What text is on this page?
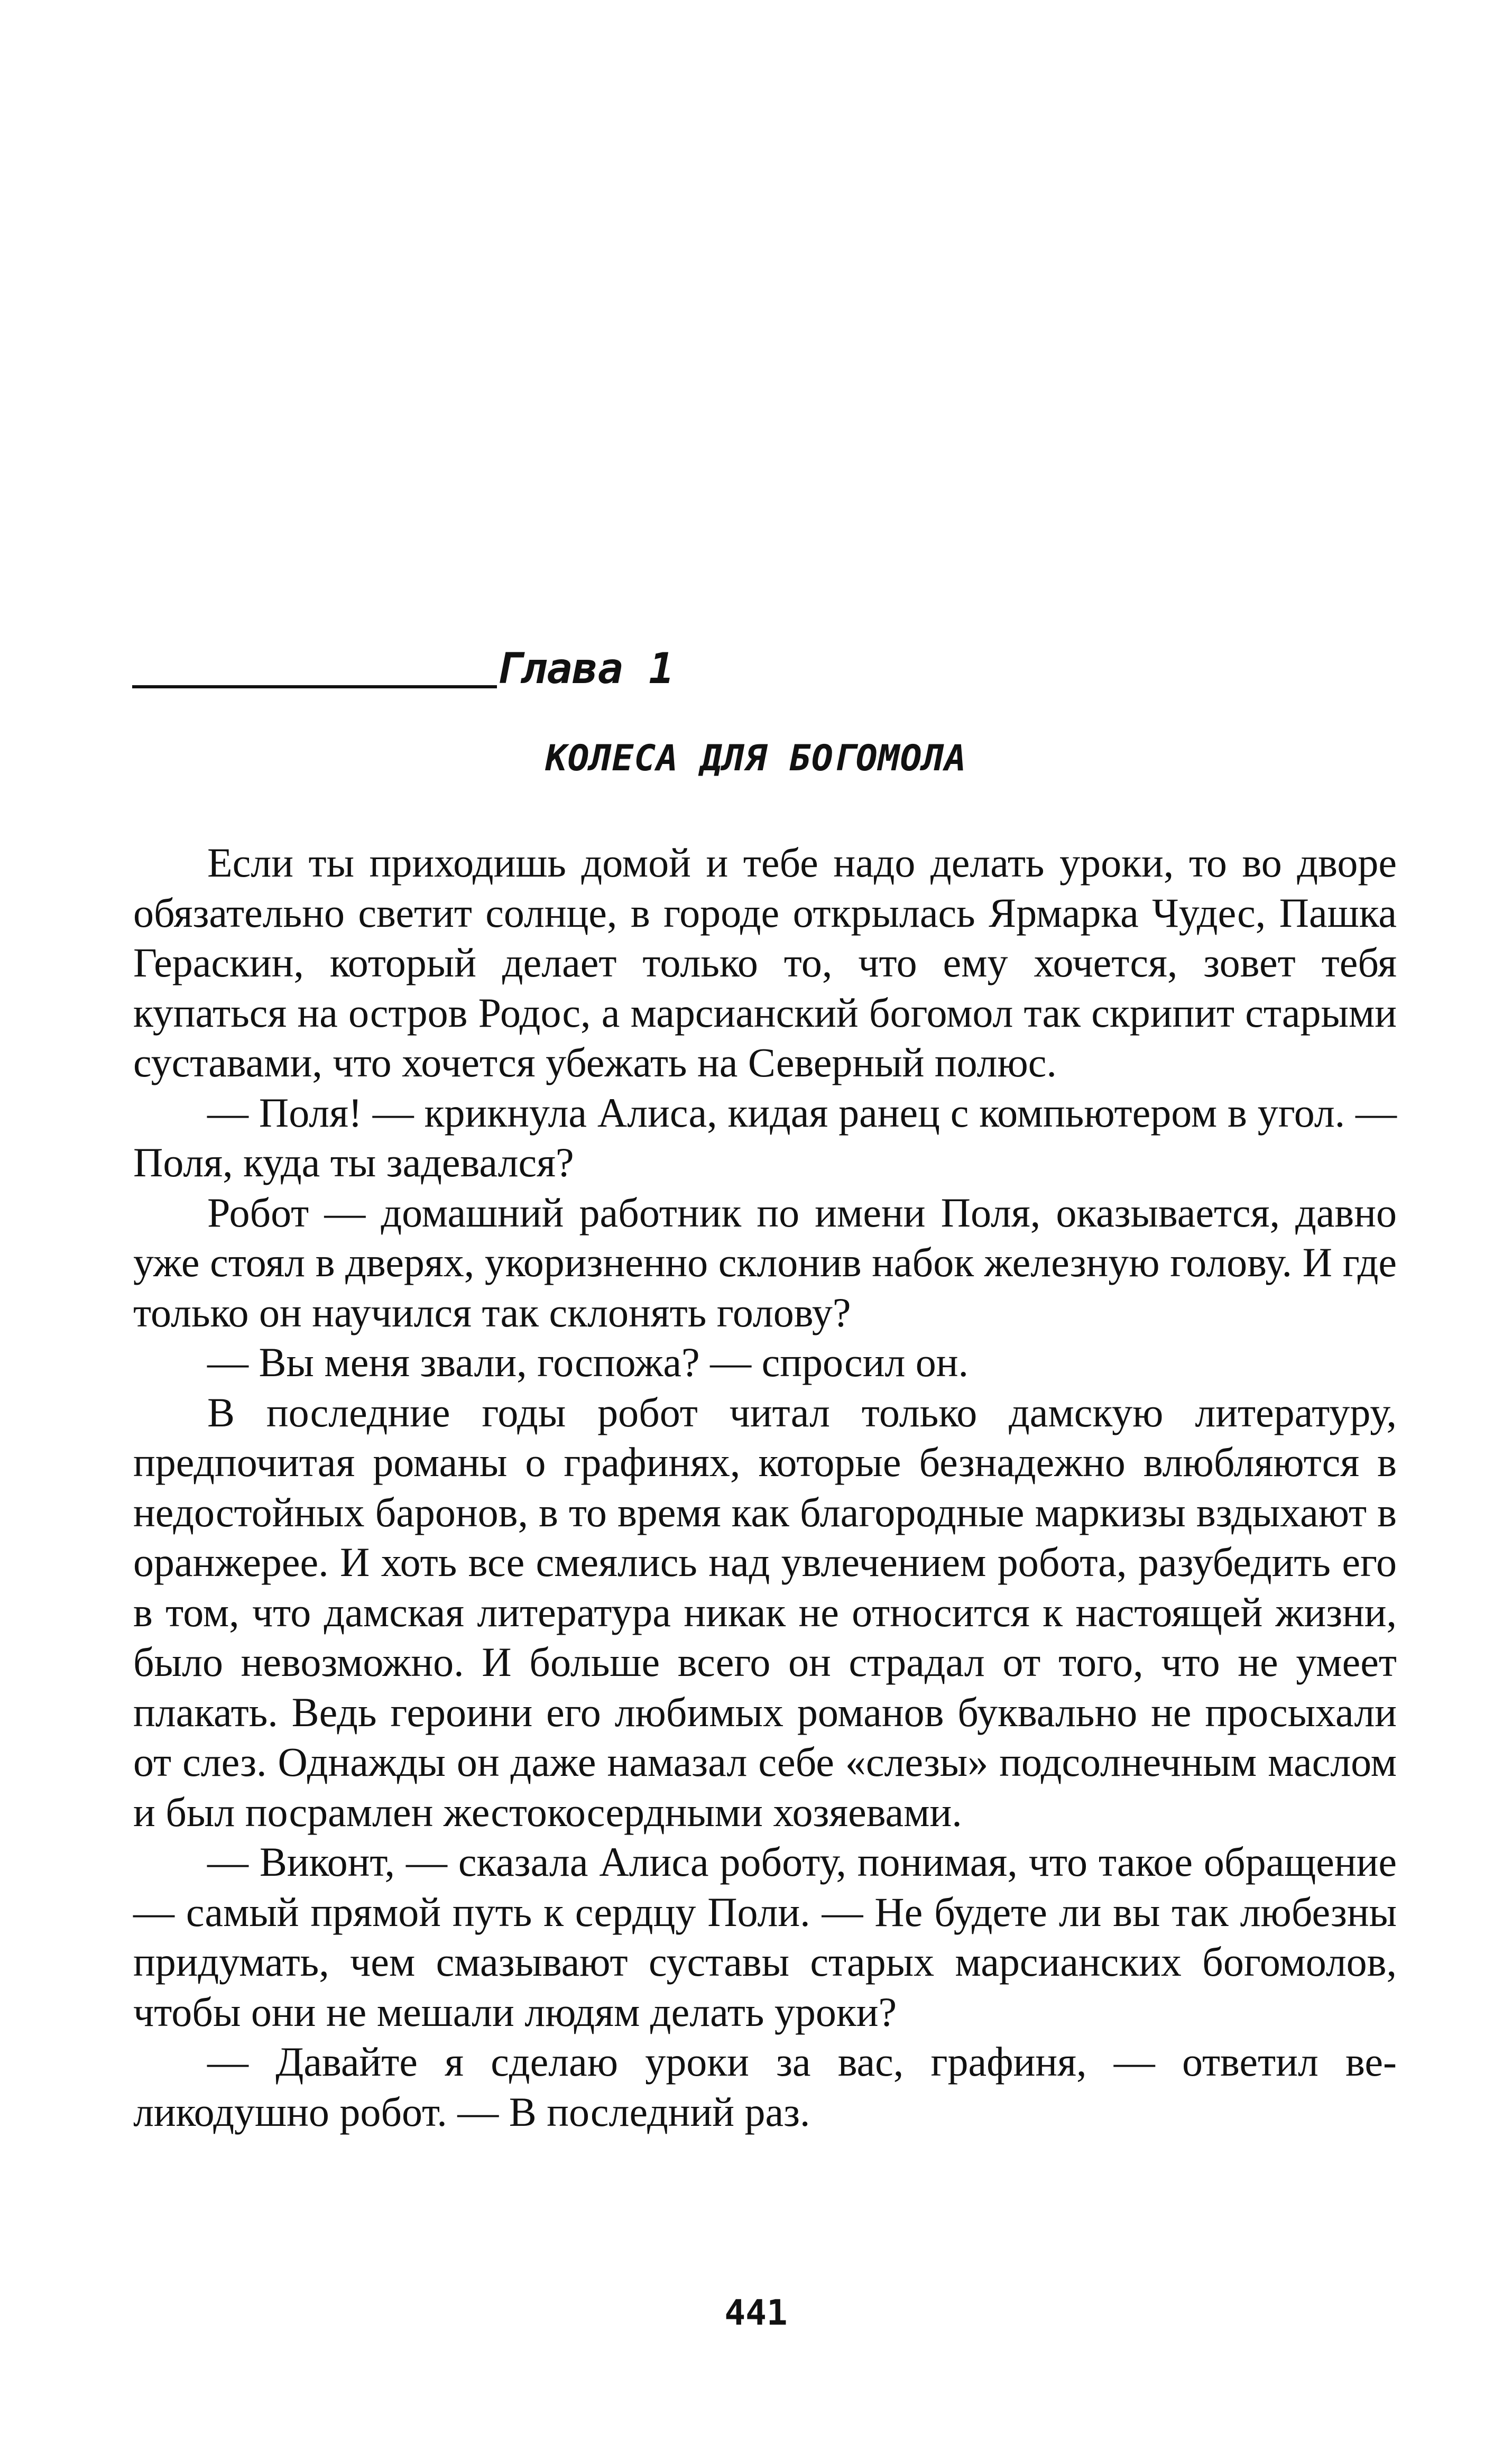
Глава 1
КОЛЕСА ДЛЯ БОГОМОЛА

Если ты приходишь домой и тебе надо делать уроки, то во дворе обязательно светит солнце, в городе открылась Ярмарка Чудес, Пашка Гераскин, который делает только то, что ему хочется, зовет тебя купаться на остров Родос, а марсианский богомол так скрипит старыми суставами, что хочется убежать на Северный полюс.

— Поля! — крикнула Алиса, кидая ранец с компьютером в угол. — Поля, куда ты задевался?

Робот — домашний работник по имени Поля, оказывается, давно уже стоял в дверях, укоризненно склонив набок железную голову. И где только он научился так склонять голову?

— Вы меня звали, госпожа? — спросил он.

В последние годы робот читал только дамскую литературу, предпочитая романы о графинях, которые безнадежно влюбляются в недостойных баронов, в то время как благородные маркизы вздыхают в оранжерее. И хоть все смеялись над увлечением робота, разубедить его в том, что дамская литература никак не относится к настоящей жизни, было невозможно. И больше всего он страдал от того, что не умеет плакать. Ведь героини его любимых романов буквально не просыхали от слез. Однажды он даже намазал себе «слезы» подсолнечным маслом и был посрамлен жестокосердными хозяевами.

— Виконт, — сказала Алиса роботу, понимая, что такое обращение — самый прямой путь к сердцу Поли. — Не будете ли вы так любезны придумать, чем смазывают суставы старых марсианских богомолов, чтобы они не мешали людям делать уроки?

— Давайте я сделаю уроки за вас, графиня, — ответил великодушно робот. — В последний раз.

441
